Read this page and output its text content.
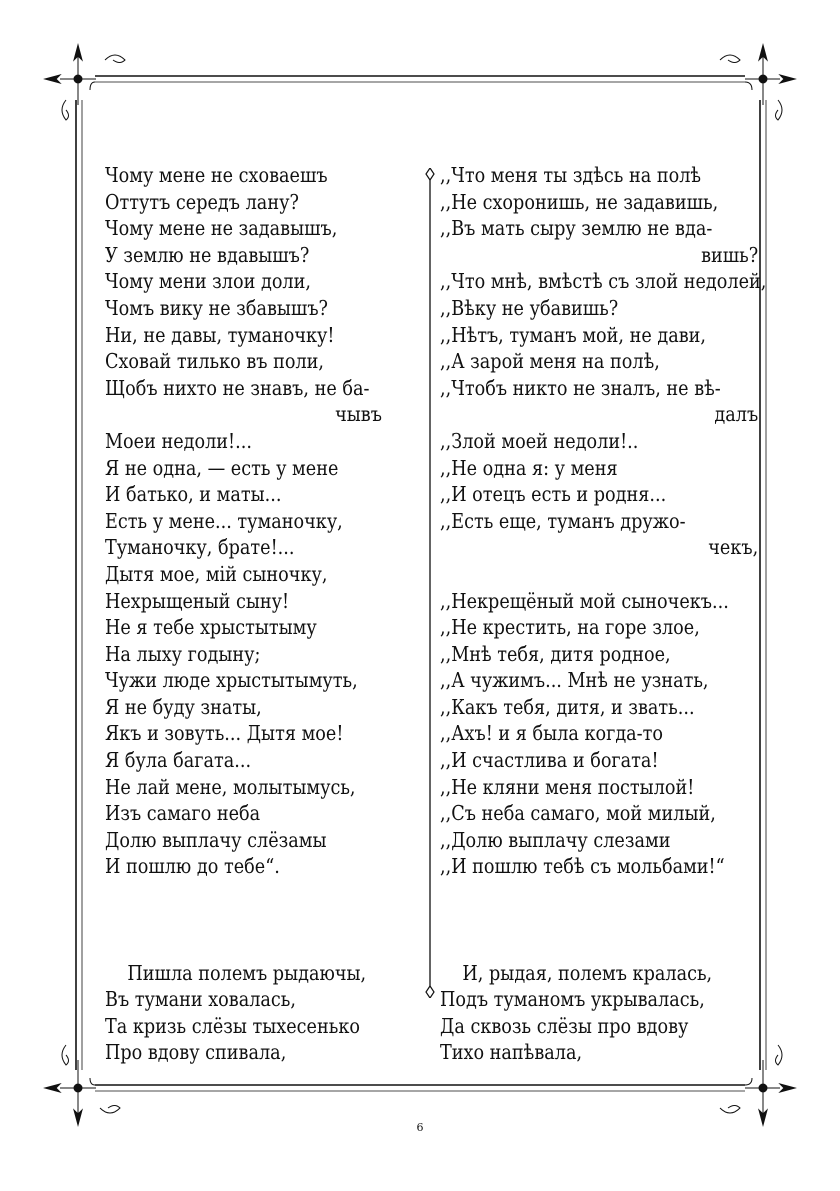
Чому мене не сховаешъ
Оттутъ середъ лану?
Чому мене не задавышъ,
У землю не вдавышъ?
Чому мени злои доли,
Чомъ вику не збавышъ?
Ни, не давы, туманочку!
Сховай тилько въ поли,
Щобъ нихто не знавъ, не ба-
чывъ
Моеи недоли!...
Я не одна, — есть у мене
И батько, и маты...
Есть у мене... туманочку,
Туманочку, брате!...
Дытя мое, мій сыночку,
Нехрыщеный сыну!
Не я тебе хрыстытыму
На лыху годыну;
Чужи люде хрыстытымуть,
Я не буду знаты,
Якъ и зовуть... Дытя мое!
Я була багата...
Не лай мене, молытымусь,
Изъ самаго неба
Долю выплачу слёзамы
И пошлю до тебе“.
Пишла полемъ рыдаючы,
Въ тумани ховалась,
Та кризь слёзы тыхесенько
Про вдову спивала,
,,Что меня ты здѣсь на полѣ
,,Не схоронишь, не задавишь,
,,Въ мать сыру землю не вда-
вишь?
,,Что мнѣ, вмѣстѣ съ злой недолей,
,,Вѣку не убавишь?
,,Нѣтъ, туманъ мой, не дави,
,,А зарой меня на полѣ,
,,Чтобъ никто не зналъ, не вѣ-
далъ
,,Злой моей недоли!..
,,Не одна я: у меня
,,И отецъ есть и родня...
,,Есть еще, туманъ дружо-
чекъ,
,,Некрещёный мой сыночекъ...
,,Не крестить, на горе злое,
,,Мнѣ тебя, дитя родное,
,,А чужимъ... Мнѣ не узнать,
,,Какъ тебя, дитя, и звать...
,,Ахъ! и я была когда-то
,,И счастлива и богата!
,,Не кляни меня постылой!
,,Съ неба самаго, мой милый,
,,Долю выплачу слезами
,,И пошлю тебѣ съ мольбами!“
И, рыдая, полемъ кралась,
Подъ туманомъ укрывалась,
Да сквозь слёзы про вдову
Тихо напѣвала,
6
